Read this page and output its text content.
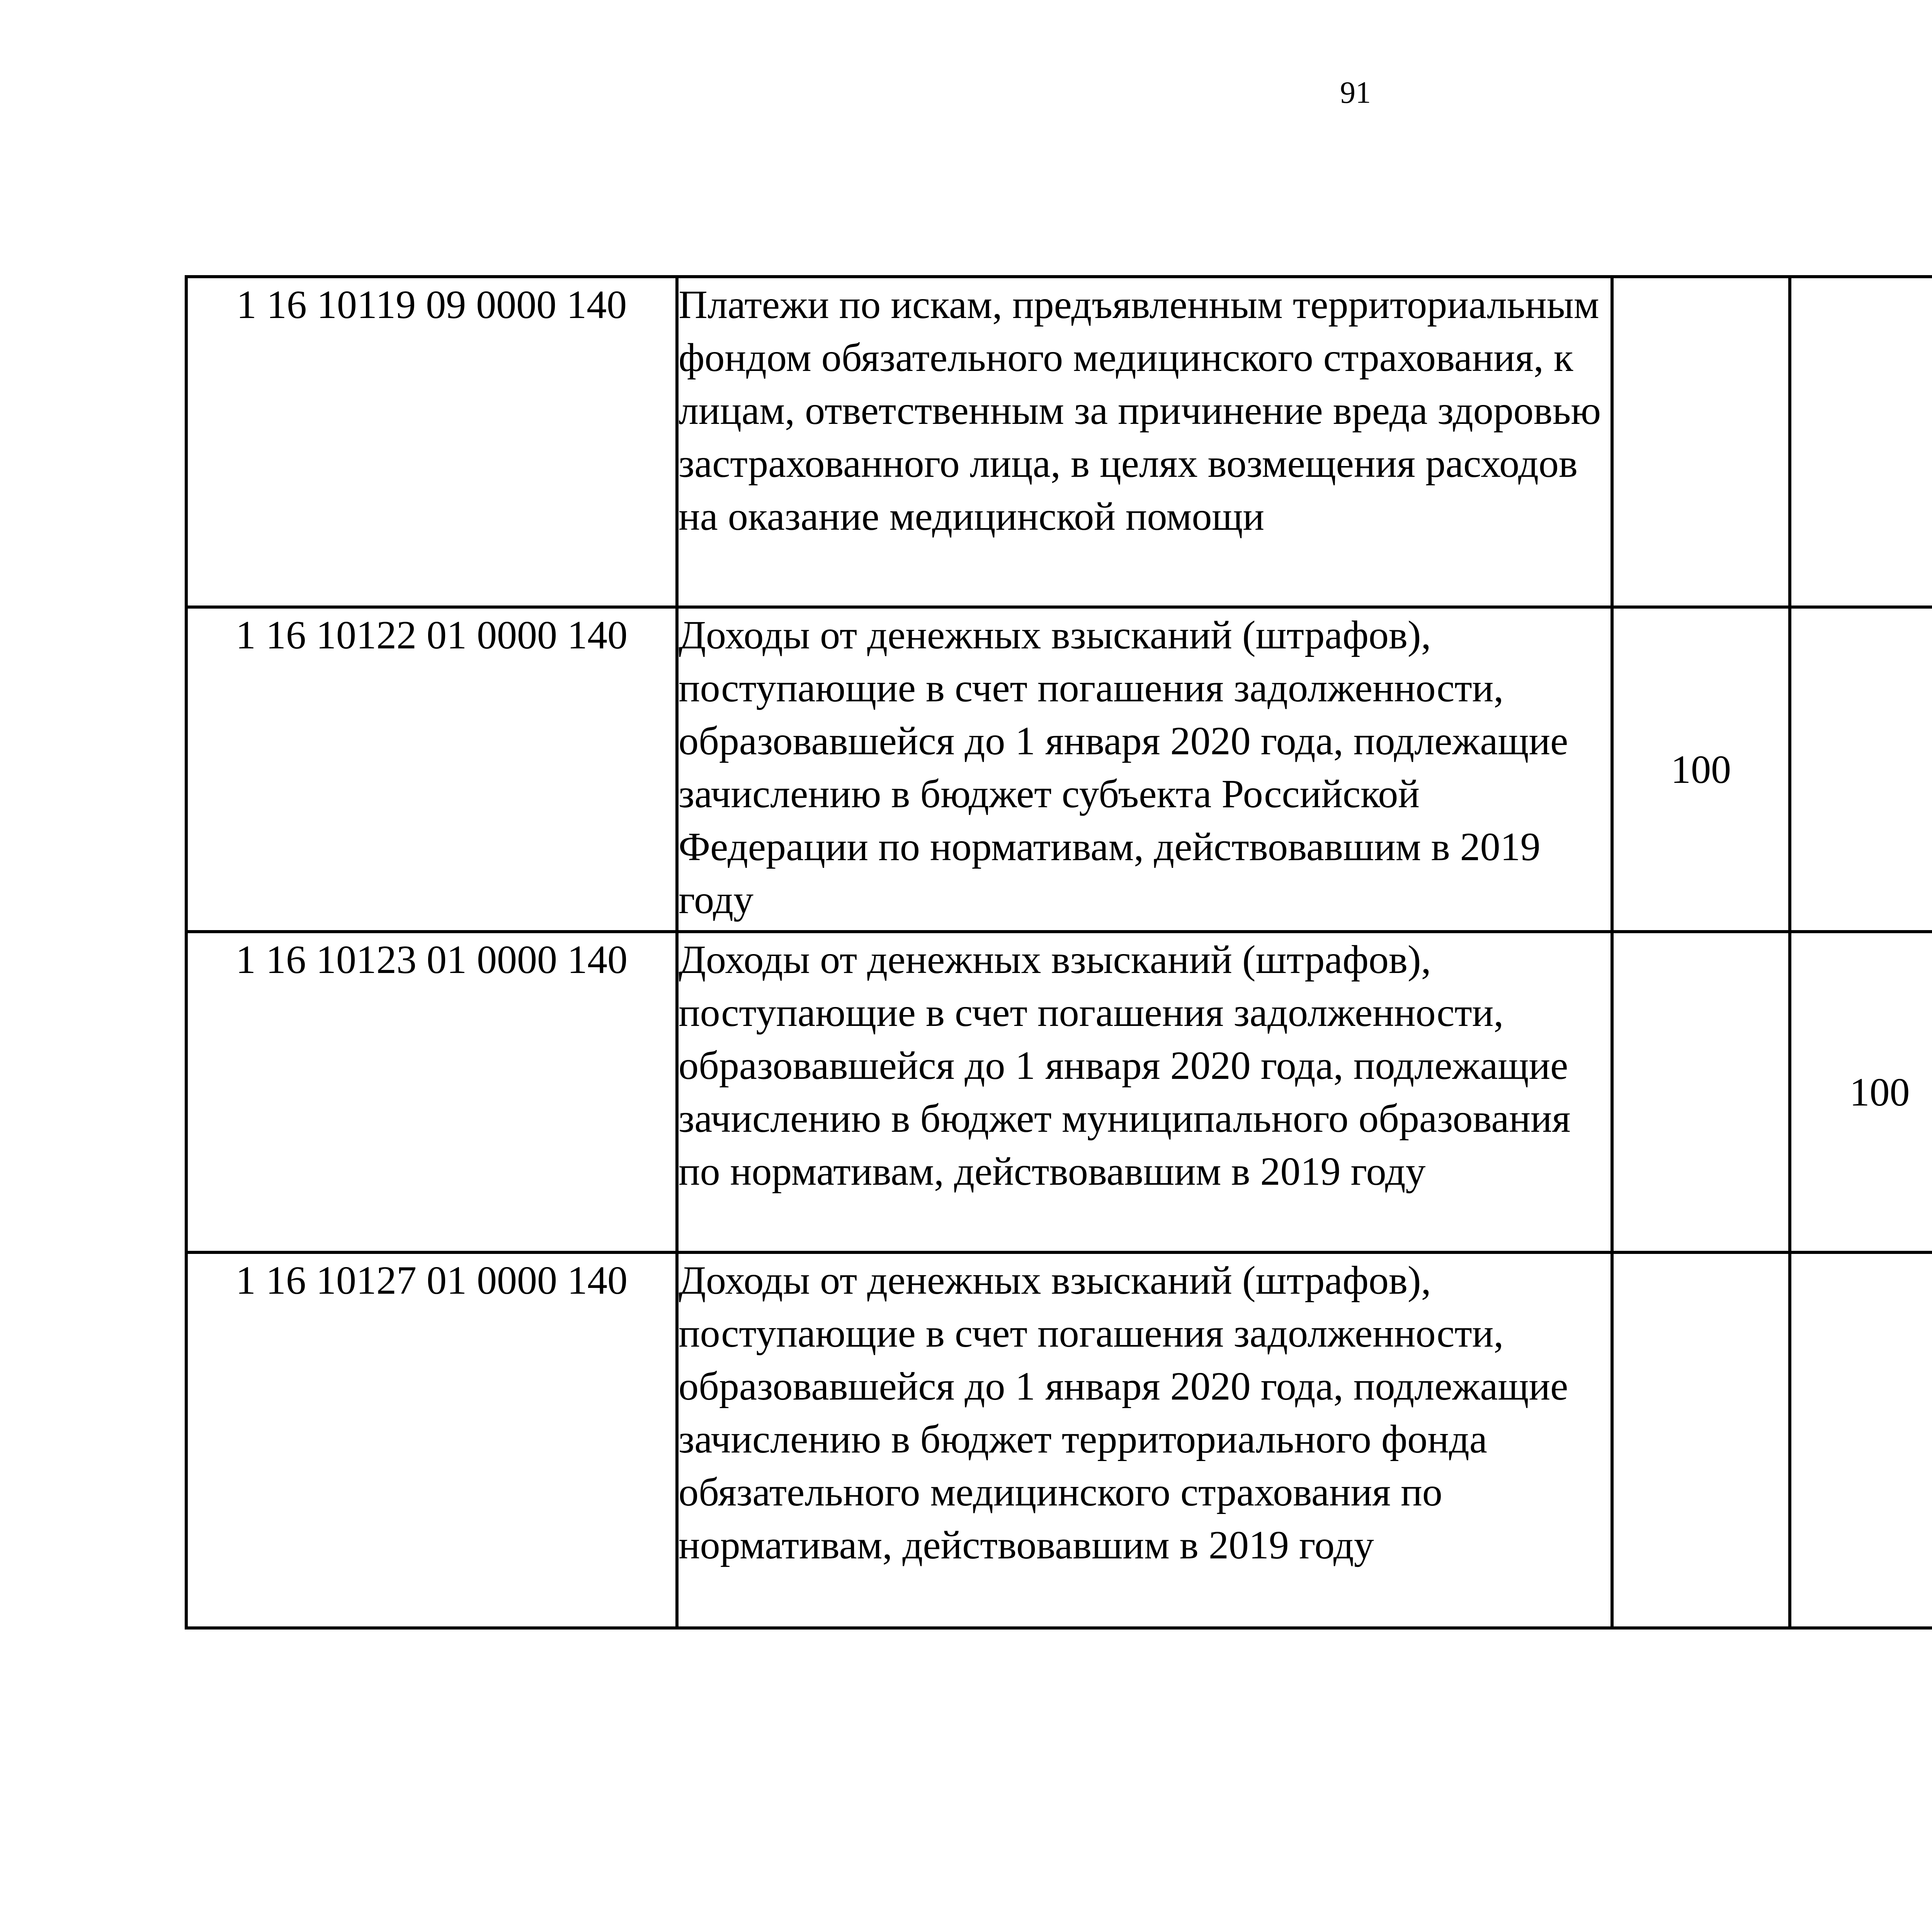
91
1 16 10119 09 0000 140	Платежи по искам, предъявленным территориальным фондом обязательного медицинского страхования, к лицам, ответственным за причинение вреда здоровью застрахованного лица, в целях возмещения расходов на оказание медицинской помощи					
1 16 10122 01 0000 140	Доходы от денежных взысканий (штрафов), поступающие в счет погашения задолженности, образовавшейся до 1 января 2020 года, подлежащие зачислению в бюджет субъекта Российской Федерации по нормативам, действовавшим в 2019 году	100				
1 16 10123 01 0000 140	Доходы от денежных взысканий (штрафов), поступающие в счет погашения задолженности, образовавшейся до 1 января 2020 года, подлежащие зачислению в бюджет муниципального образования по нормативам, действовавшим в 2019 году		100			
1 16 10127 01 0000 140	Доходы от денежных взысканий (штрафов), поступающие в счет погашения задолженности, образовавшейся до 1 января 2020 года, подлежащие зачислению в бюджет территориального фонда обязательного медицинского страхования по нормативам, действовавшим в 2019 году					
